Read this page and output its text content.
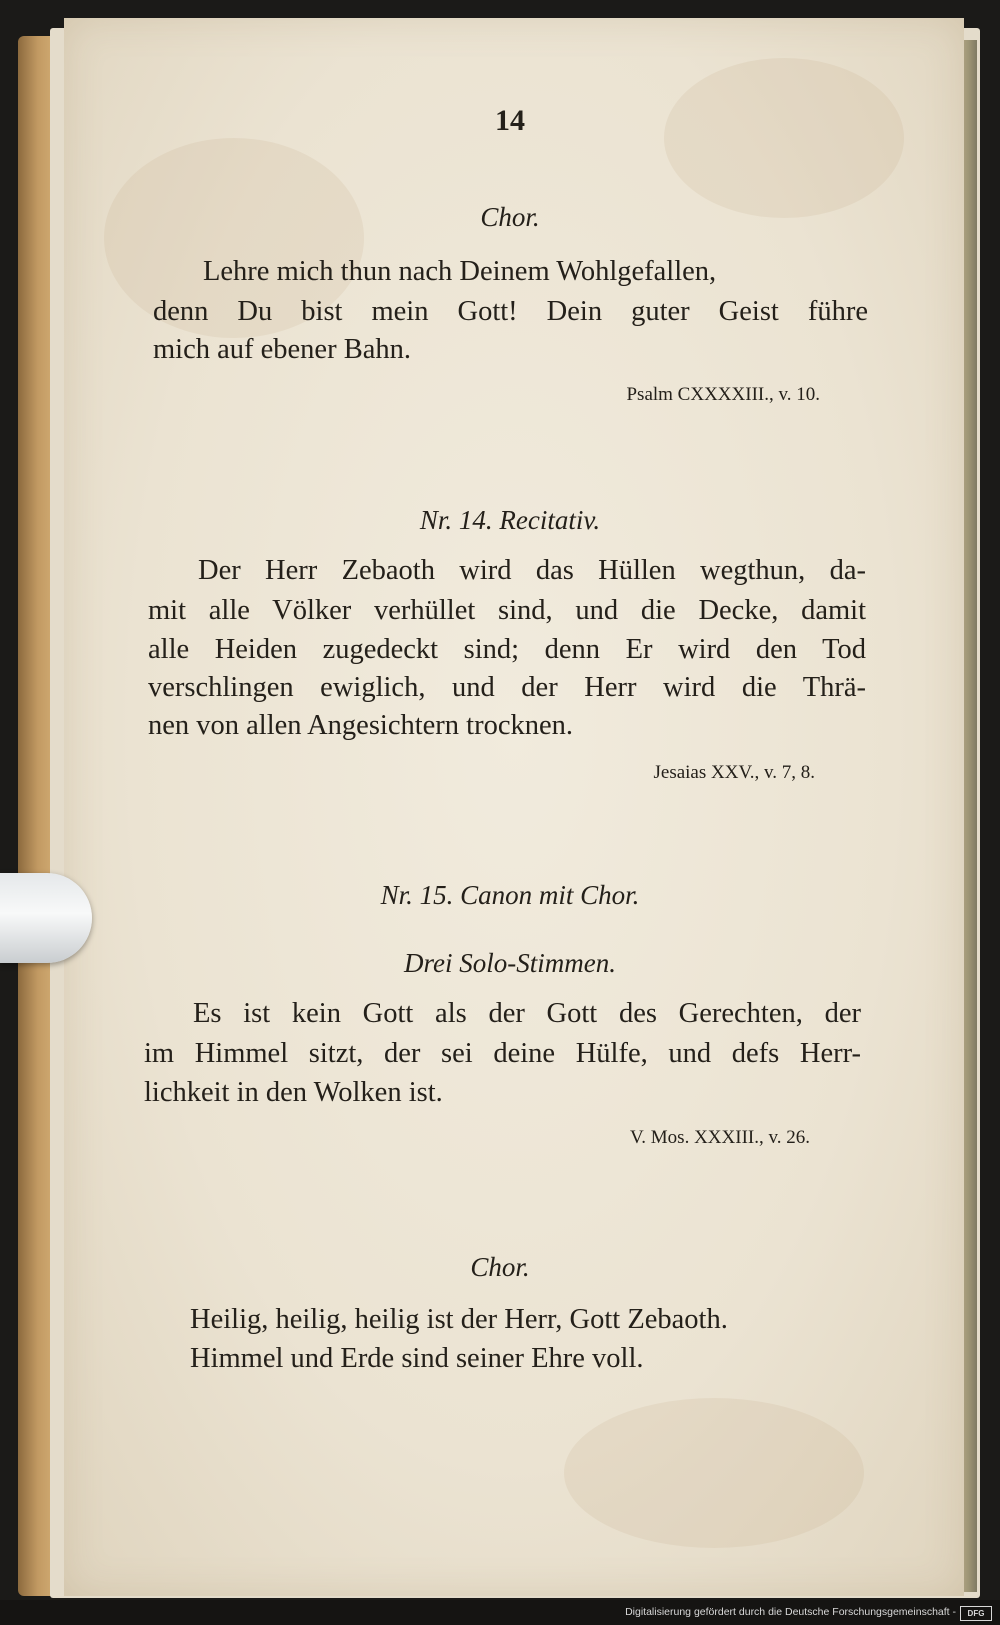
14
Chor.
Lehre mich thun nach Deinem Wohlgefallen,
denn Du bist mein Gott! Dein guter Geist führe
mich auf ebener Bahn.
Psalm CXXXXIII., v. 10.
Nr. 14. Recitativ.
Der Herr Zebaoth wird das Hüllen wegthun, da-
mit alle Völker verhüllet sind, und die Decke, damit
alle Heiden zugedeckt sind; denn Er wird den Tod
verschlingen ewiglich, und der Herr wird die Thrä-
nen von allen Angesichtern trocknen.
Jesaias XXV., v. 7, 8.
Nr. 15. Canon mit Chor.
Drei Solo-Stimmen.
Es ist kein Gott als der Gott des Gerechten, der
im Himmel sitzt, der sei deine Hülfe, und defs Herr-
lichkeit in den Wolken ist.
V. Mos. XXXIII., v. 26.
Chor.
Heilig, heilig, heilig ist der Herr, Gott Zebaoth.
Himmel und Erde sind seiner Ehre voll.
Digitalisierung gefördert durch die Deutsche Forschungsgemeinschaft -	DFG
